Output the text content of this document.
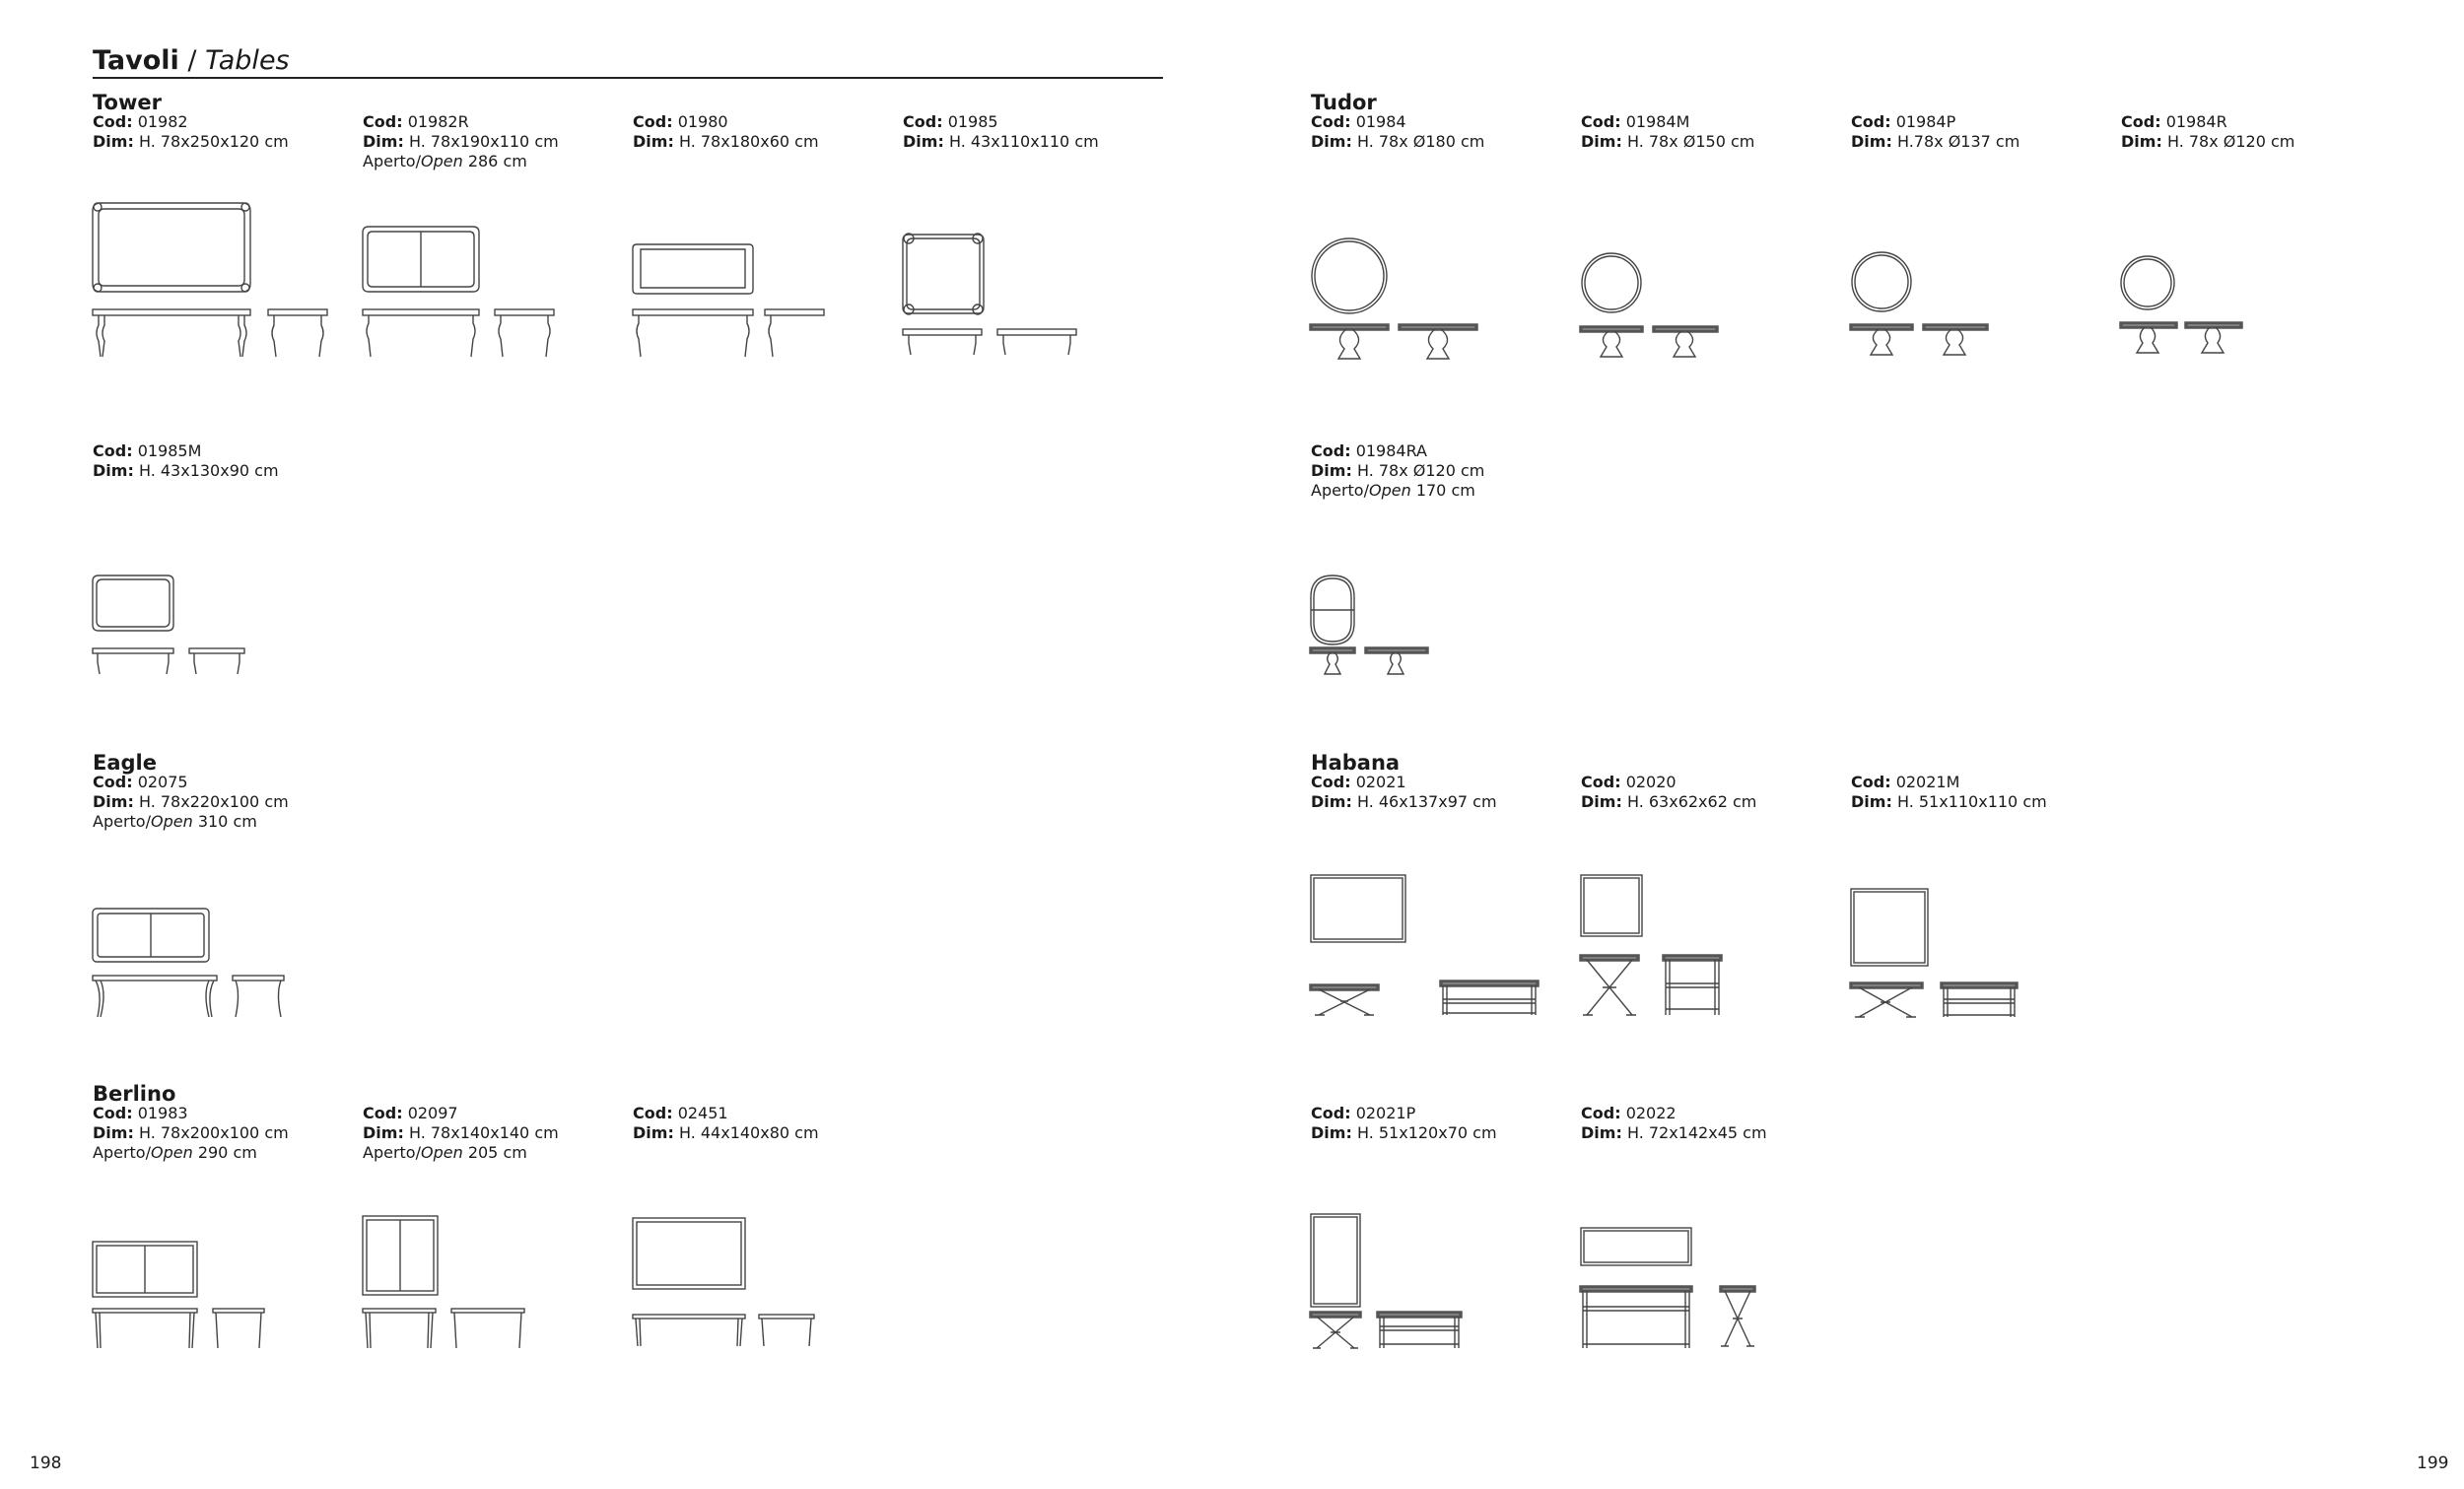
Tavoli / Tables
Tower
Cod: 01982
Dim: H. 78x250x120 cm
Cod: 01982R
Dim: H. 78x190x110 cm
Aperto/Open 286 cm
Cod: 01980
Dim: H. 78x180x60 cm
Cod: 01985
Dim: H. 43x110x110 cm
Cod: 01985M
Dim: H. 43x130x90 cm
Tudor
Cod: 01984
Dim: H. 78x Ø180 cm
Cod: 01984M
Dim: H. 78x Ø150 cm
Cod: 01984P
Dim: H.78x Ø137 cm
Cod: 01984R
Dim: H. 78x Ø120 cm
Cod: 01984RA
Dim: H. 78x Ø120 cm
Aperto/Open 170 cm
Eagle
Cod: 02075
Dim: H. 78x220x100 cm
Aperto/Open 310 cm
Habana
Cod: 02021
Dim: H. 46x137x97 cm
Cod: 02020
Dim: H. 63x62x62 cm
Cod: 02021M
Dim: H. 51x110x110 cm
Berlino
Cod: 01983
Dim: H. 78x200x100 cm
Aperto/Open 290 cm
Cod: 02097
Dim: H. 78x140x140 cm
Aperto/Open 205 cm
Cod: 02451
Dim: H. 44x140x80 cm
Cod: 02021P
Dim: H. 51x120x70 cm
Cod: 02022
Dim: H. 72x142x45 cm
198	199
